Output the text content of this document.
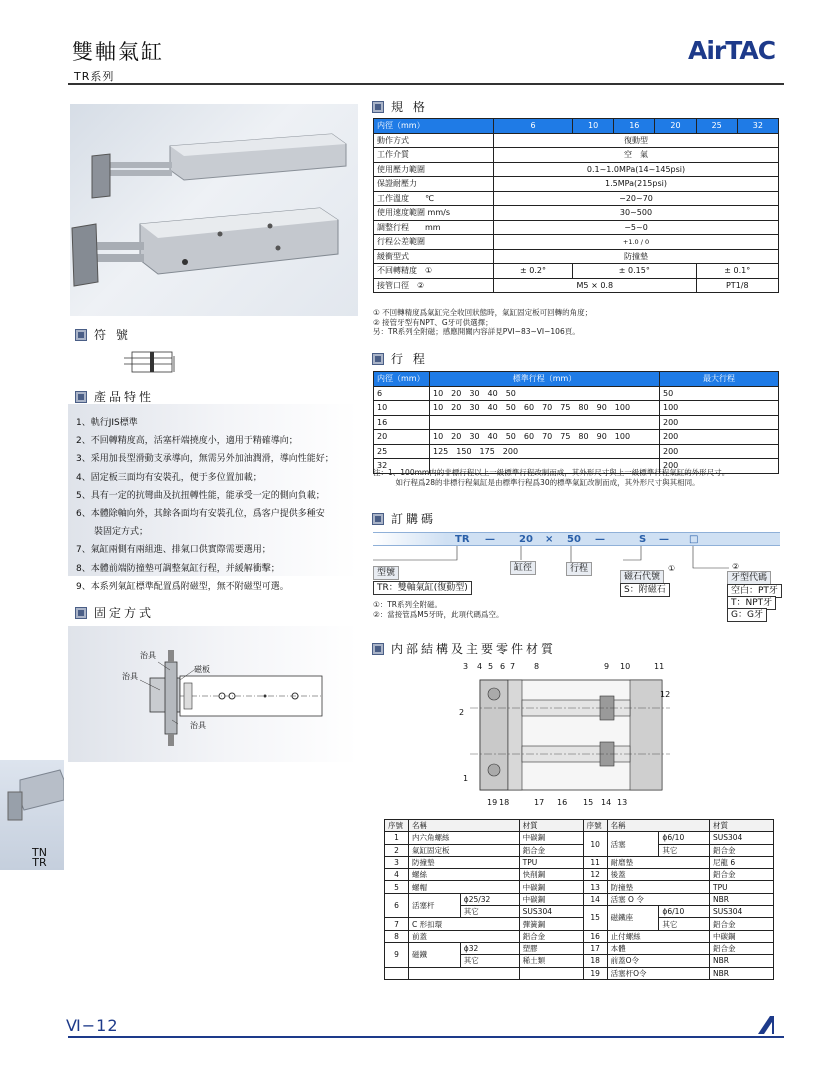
雙軸氣缸
TR系列
AirTAC
規 格
内徑（mm）	6	10	16	20	25	32
動作方式	復動型					
工作介質	空　氣					
使用壓力範圍	0.1~1.0MPa(14~145psi)					
保證耐壓力	1.5MPa(215psi)					
工作溫度　　℃	−20~70					
使用速度範圍 mm/s	30~500					
調整行程　　mm	−5~0					
行程公差範圍	+1.0 / 0					
緩衝型式	防撞墊					
不回轉精度　①	± 0.2°	± 0.15°			± 0.1°	
接管口徑　②	M5 × 0.8				PT1/8	
① 不回轉精度爲氣缸完全收回狀態時，氣缸固定板可回轉的角度；
② 接管牙型有NPT、G牙可供選擇；
另：TR系列全附磁；感應開關内容詳見PVI−83~VI−106頁。
符 號
產品特性
1、軌行JIS標準
2、不回轉精度高，活塞杆端撓度小，適用于精確導向；
3、采用加長型滑動支承導向，無需另外加油潤滑，導向性能好；
4、固定板三面均有安裝孔，便于多位置加載；
5、具有一定的抗彎曲及抗扭轉性能，能承受一定的側向負載；
6、本體除軸向外，其餘各面均有安裝孔位，爲客户提供多種安
　　裝固定方式；
7、氣缸兩側有兩組進、排氣口供實際需要選用；
8、本體前端防撞墊可調整氣缸行程，并緩解衝擊；
9、本系列氣缸標準配置爲附磁型，無不附磁型可選。
固定方式
治具
治具
磁板
治具
行 程
内徑（mm）	標準行程（mm）	最大行程
6	10　20　30　40　50	50
10	10　20　30　40　50　60　70　75　80　90　100	100
16		200
20	10　20　30　40　50　60　70　75　80　90　100	200
25	125　150　175　200	200
32		200
注：1、100mm内的非標行程以上一級標準行程改制而成，其外形尺寸與上一級標準行程氣缸的外形尺寸。
　　　如行程爲28的非標行程氣缸是由標準行程爲30的標準氣缸改制而成，其外形尺寸與其相同。
訂購碼
TR — 20 × 50 —	S — □
型號
TR：雙軸氣缸(復動型)
缸徑	行程
磁石代號
①
S：附磁石
②
牙型代碼
空白：PT牙
T：NPT牙
G：G牙
①：TR系列全附磁。
②：當接管爲M5牙時，此項代碼爲空。
内部結構及主要零件材質
3 4 5 6 7 8	9 10	11
12
2
1
19 18	17 16 15 14 13
序號	名稱		材質	序號	名稱		材質
1	内六角螺絲		中碳鋼	10	活塞	ϕ6/10	SUS304
2	氣缸固定板		鋁合金			其它	鋁合金
3	防撞墊		TPU	11	耐磨墊		尼龍 6
4	螺絲		快削鋼	12	後蓋		鋁合金
5	螺帽		中碳鋼	13	防撞墊		TPU
6	活塞杆	ϕ25/32	中碳鋼	14	活塞 O 令		NBR
		其它	SUS304	15	磁鐵座	ϕ6/10	SUS304
7	C 形扣環		彈簧鋼			其它	鋁合金
8	前蓋		鋁合金	16	止付螺絲		中碳鋼
9	磁鐵	ϕ32	塑膠	17	本體		鋁合金
		其它	稀土類	18	前蓋O令		NBR
				19	活塞杆O令		NBR
TN
TR
Ⅵ−12
